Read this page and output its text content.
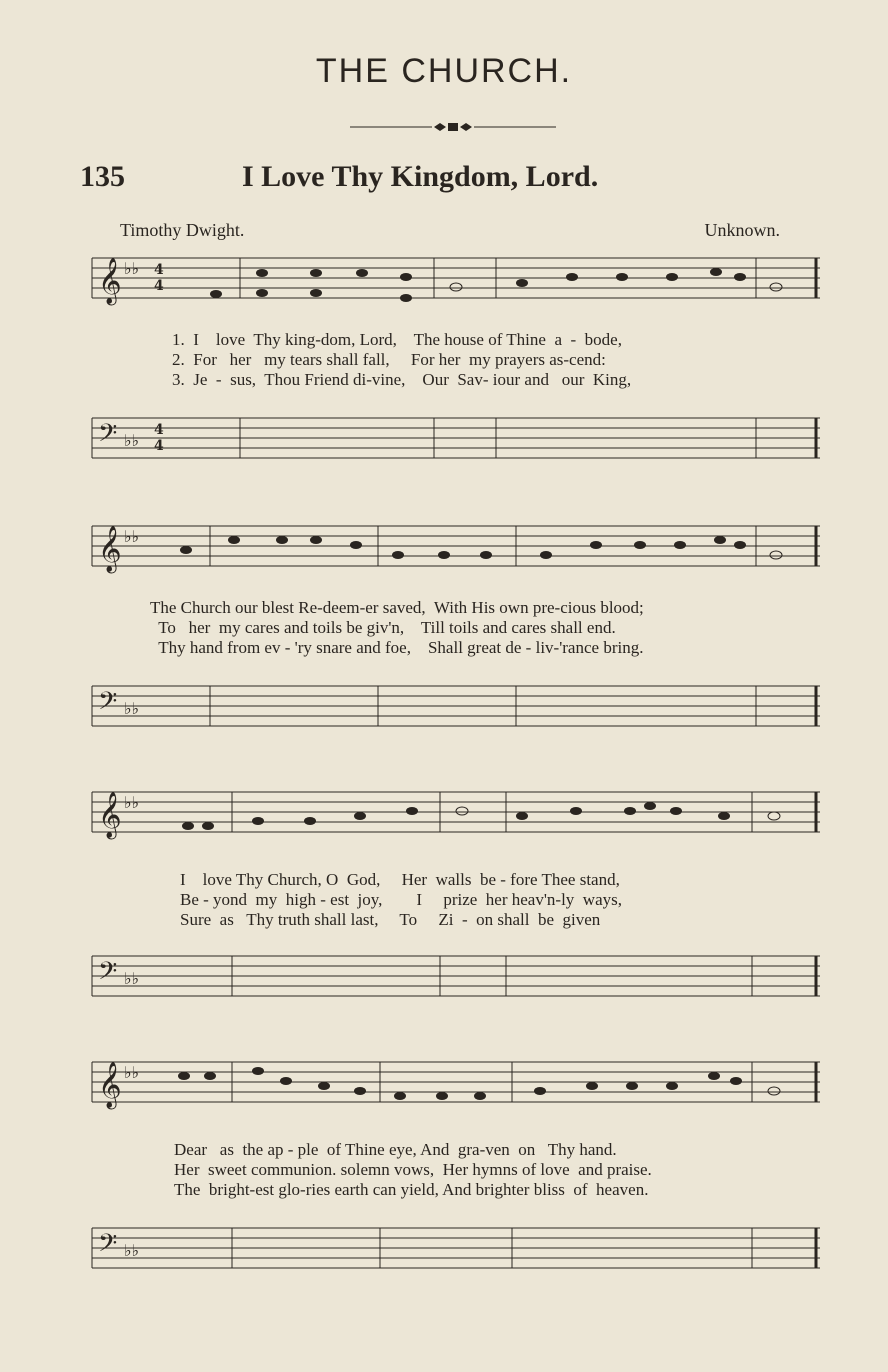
THE CHURCH.
135	I Love Thy Kingdom, Lord.
Timothy Dwight.	Unknown.
𝄞 ♭♭ 4
4
1.  I    love  Thy king-dom, Lord,    The house of Thine  a  -  bode,
2.  For   her   my tears shall fall,     For her  my prayers as-cend:
3.  Je  -  sus,  Thou Friend di-vine,    Our  Sav- iour and   our  King,
𝄢 ♭♭
4
4
𝄞 ♭♭
The Church our blest Re-deem-er saved,  With His own pre-cious blood;
To   her  my cares and toils be giv'n,    Till toils and cares shall end.
Thy hand from ev - 'ry snare and foe,    Shall great de - liv-'rance bring.
𝄢 ♭♭
𝄞 ♭♭
I    love Thy Church, O  God,     Her  walls  be - fore Thee stand,
Be - yond  my  high - est  joy,        I     prize  her heav'n-ly  ways,
Sure  as   Thy truth shall last,     To     Zi  -  on shall  be  given
𝄢 ♭♭
𝄞 ♭♭
Dear   as  the ap - ple  of Thine eye, And  gra-ven  on   Thy hand.
Her  sweet communion. solemn vows,  Her hymns of love  and praise.
The  bright-est glo-ries earth can yield, And brighter bliss  of  heaven.
𝄢 ♭♭
